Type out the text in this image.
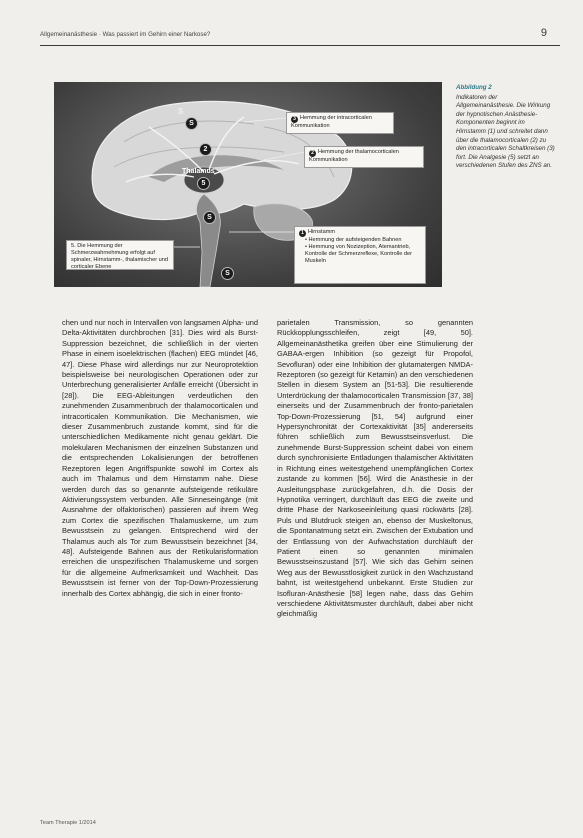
Allgemeinanästhesie · Was passiert im Gehirn einer Narkose?	9
S
S
2
Thalamus
5
S
S
3 Hemmung der intracorticalen Kommunikation
2 Hemmung der thalamocorticalen Kommunikation
1 Hirnstamm
• Hemmung der aufsteigenden Bahnen
• Hemmung von Nozizeption, Atemantrieb, Kontrolle der Schmerzreflexe, Kontrolle der Muskeln
5. Die Hemmung der Schmerzwahrnehmung erfolgt auf spinaler, Hirnstamm-, thalamischer und corticaler Ebene
Abbildung 2
Indikatoren der Allgemeinanästhesie. Die Wirkung der hypnotischen Anästhesie-Komponenten beginnt im Hirnstamm (1) und schreitet dann über die thalamocorticalen (2) zu den intracorticalen Schaltkreisen (3) fort. Die Analgesie (5) setzt an verschiedenen Stufen des ZNS an.

chen und nur noch in Intervallen von langsamen Alpha- und Delta-Aktivitäten durchbrochen [31]. Dies wird als Burst-Suppression bezeichnet, die schließlich in der vierten Phase in einem isoelektrischen (flachen) EEG mündet [46, 47]. Diese Phase wird allerdings nur zur Neuroprotektion beispielsweise bei neurologischen Operationen oder zur Unterbrechung generalisierter Anfälle erreicht (Übersicht in [28]). Die EEG-Ableitungen verdeutlichen den zunehmenden Zusammenbruch der thalamocorticalen und intracorticalen Kommunikation. Die Mechanismen, wie dieser Zusammenbruch zustande kommt, sind für die unterschiedlichen Medikamente nicht genau geklärt. Die molekularen Mechanismen der einzelnen Substanzen und die entsprechenden Lokalisierungen der betroffenen Rezeptoren legen Angriffspunkte sowohl im Cortex als auch im Thalamus und dem Hirnstamm nahe. Diese werden durch das so genannte aufsteigende retikuläre Aktivierungssystem verbunden. Alle Sinneseingänge (mit Ausnahme der olfaktorischen) passieren auf ihrem Weg zum Cortex die spezifischen Thalamuskerne, um zum Bewusstsein zu gelangen. Entsprechend wird der Thalamus auch als Tor zum Bewusstsein bezeichnet [34, 48]. Aufsteigende Bahnen aus der Retikularisformation erreichen die unspezifischen Thalamuskerne und sorgen für die allgemeine Aufmerksamkeit und Wachheit. Das Bewusstsein ist ferner von der Top-Down-Prozessierung innerhalb des Cortex abhängig, die sich in einer fronto-

parietalen Transmission, so genannten Rückkopplungsschleifen, zeigt [49, 50]. Allgemeinanästhetika greifen über eine Stimulierung der GABAA-ergen Inhibition (so gezeigt für Propofol, Sevofluran) oder eine Inhibition der glutamatergen NMDA-Rezeptoren (so gezeigt für Ketamin) an den verschiedenen Stellen in diesem System an [51-53]. Die resultierende Unterdrückung der thalamocorticalen Transmission [37, 38] einerseits und der Zusammenbruch der fronto-parietalen Top-Down-Prozessierung [51, 54] aufgrund einer Hypersynchronität der Cortexaktivität [35] andererseits führen schließlich zum Bewusstseinsverlust. Die zunehmende Burst-Suppression scheint dabei von einem durch synchronisierte Entladungen thalamischer Aktivitäten in Richtung eines weitestgehend unempfänglichen Cortex zustande zu kommen [56]. Wird die Anästhesie in der Ausleitungsphase zurückgefahren, d.h. die Dosis der Hypnotika verringert, durchläuft das EEG die zweite und dritte Phase der Narkoseeinleitung quasi rückwärts [28]. Puls und Blutdruck steigen an, ebenso der Muskeltonus, die Spontanatmung setzt ein. Zwischen der Extubation und der Entlassung von der Aufwachstation durchläuft der Patient einen so genannten minimalen Bewusstseinszustand [57]. Wie sich das Gehirn seinen Weg aus der Bewusstlosigkeit zurück in den Wachzustand bahnt, ist weitestgehend unbekannt. Erste Studien zur Isofluran-Anästhesie [58] legen nahe, dass das Gehirn verschiedene Aktivitätsmuster durchläuft, dabei aber nicht gleichmäßig

Team Therapie 1/2014
